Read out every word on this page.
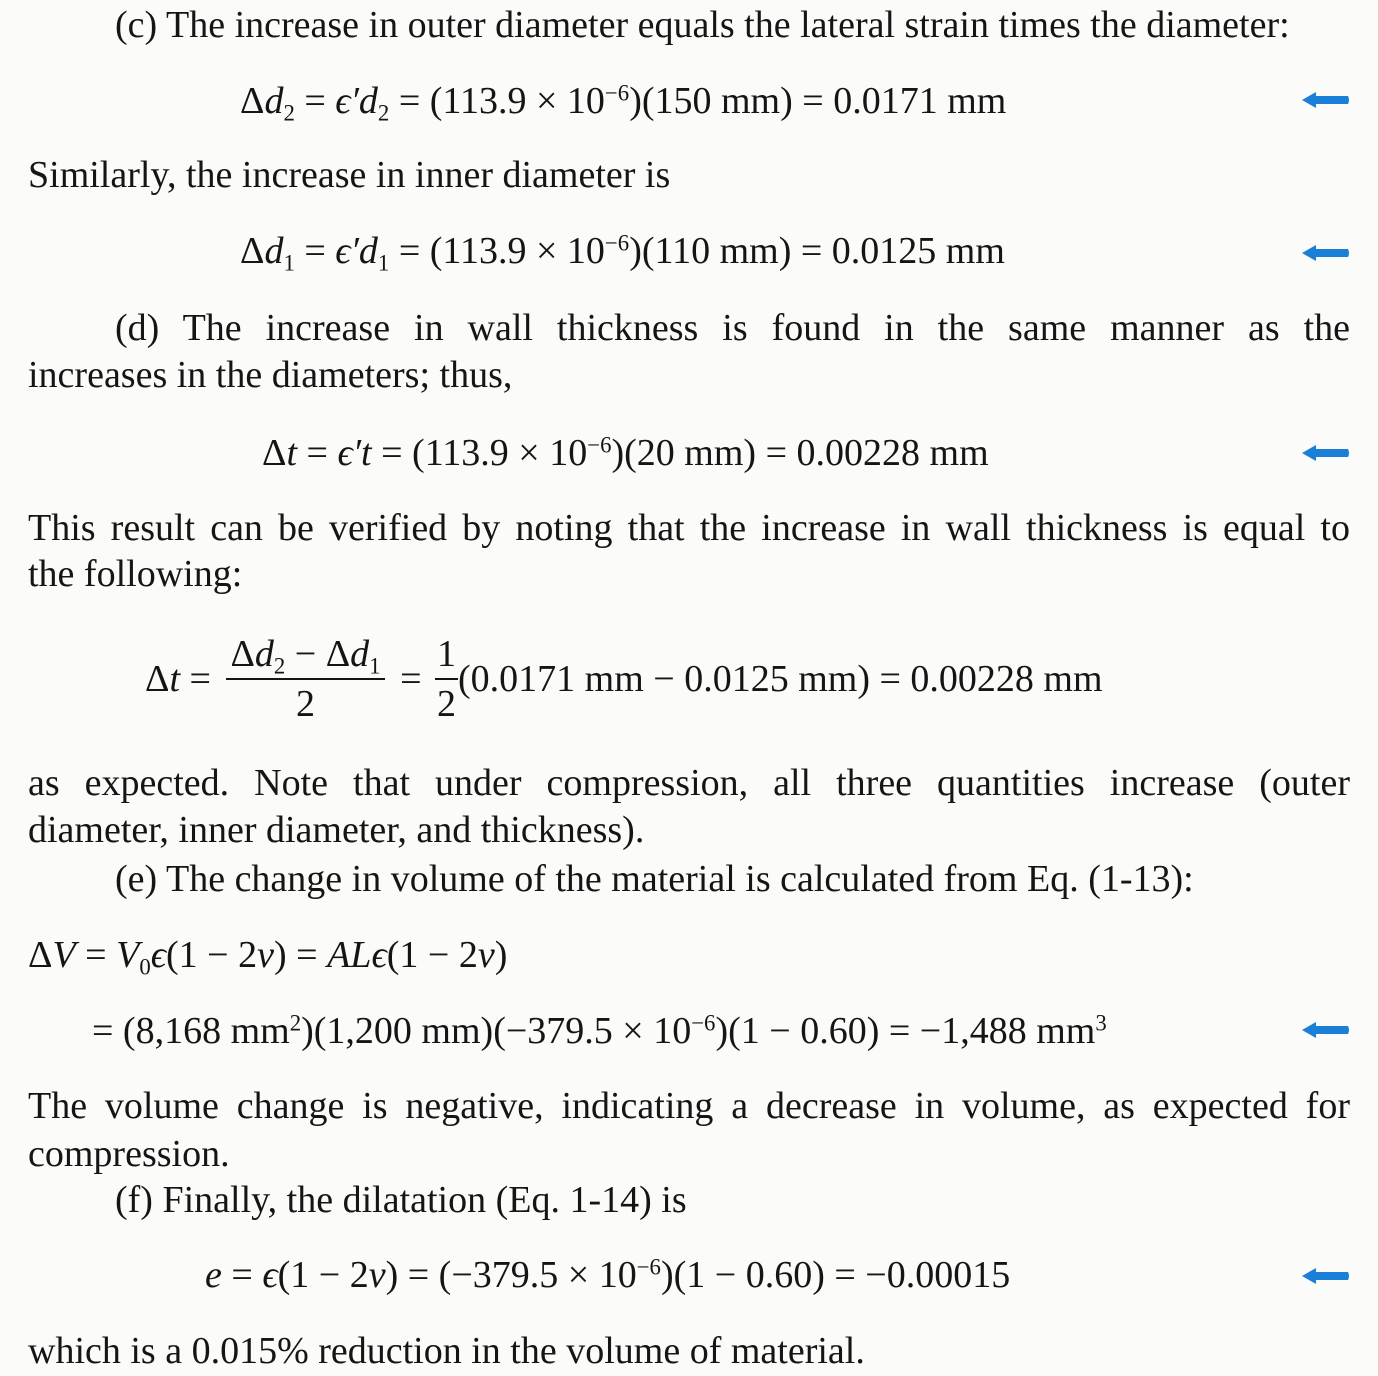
(c) The increase in outer diameter equals the lateral strain times the diameter:
$\Delta d_2 = \epsilon'd_2 = (113.9 \times 10^{-6})(150$ mm) = 0.0171 mm
Similarly, the increase in inner diameter is
$\Delta d_1 = \epsilon'd_1 = (113.9 \times 10^{-6})(110$ mm) = 0.0125 mm
(d) The increase in wall thickness is found in the same manner as the
increases in the diameters; thus,
$\Delta t = \epsilon't = (113.9 \times 10^{-6})(20$ mm) = 0.00228 mm
This result can be verified by noting that the increase in wall thickness is equal to
the following:
$\Delta t = \frac{\Delta d_2 - \Delta d_1}{2} = \frac{1}{2} (0.0171$ mm − 0.0125 mm) = 0.00228 mm
as expected. Note that under compression, all three quantities increase (outer
diameter, inner diameter, and thickness).
(e) The change in volume of the material is calculated from Eq. (1-13):
$\Delta V = V_0\epsilon(1 - 2\nu) = AL\epsilon(1 - 2\nu)$
= (8,168 $mm^2)(1,200$ $mm)(-379.5 \times 10^{-6})(1 - 0.60) = -1,488$ $mm^3$
The volume change is negative, indicating a decrease in volume, as expected for
compression.
(f) Finally, the dilatation (Eq. 1-14) is
$e = \epsilon(1 - 2\nu) = (-379.5 \times 10^{-6})(1 - 0.60) = -0.00015$
which is a 0.015% reduction in the volume of material.
